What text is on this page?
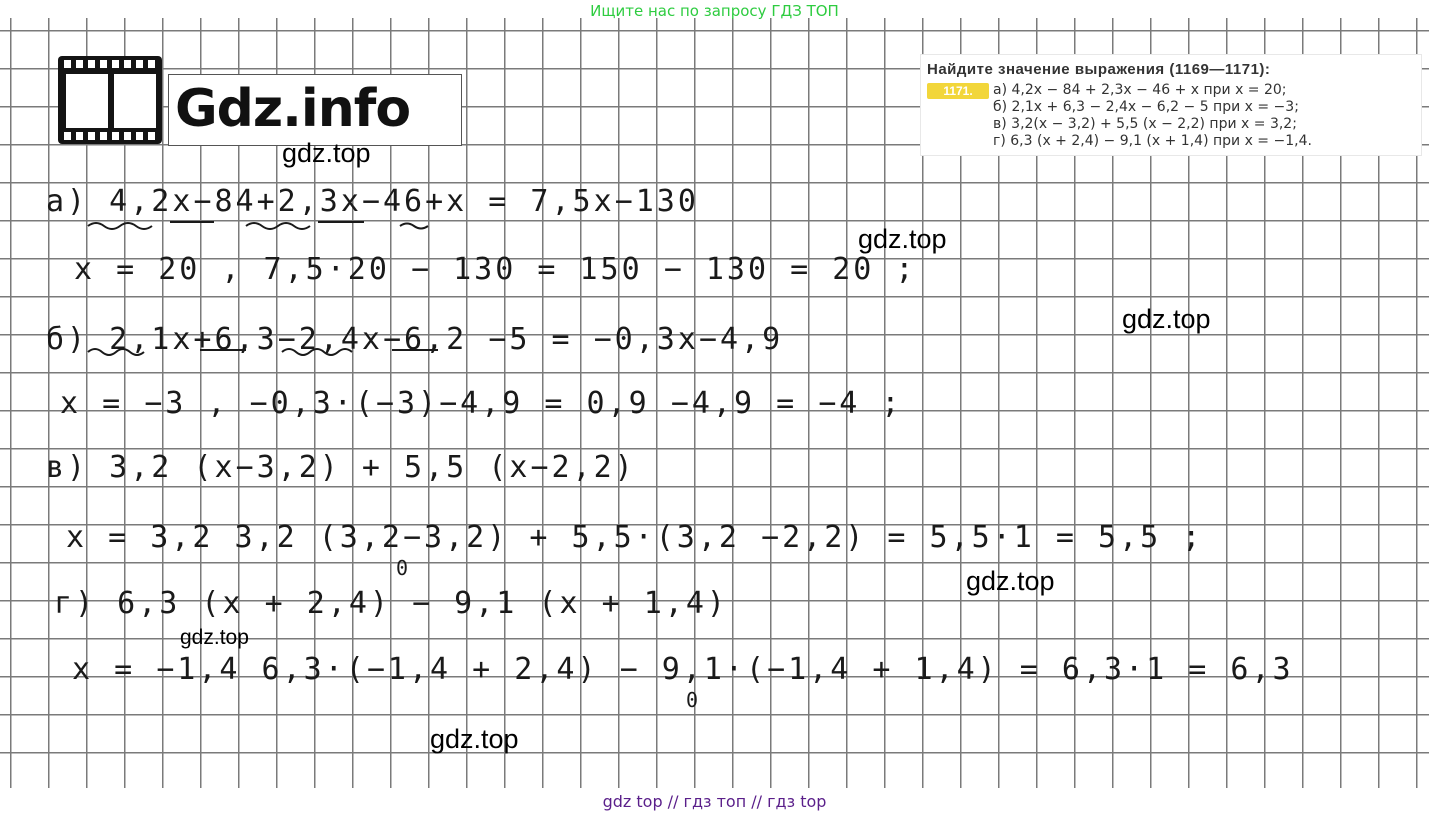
Ищите нас по запросу ГДЗ ТОП
Gdz.info
Найдите значение выражения (1169—1171):
1171.	а) 4,2x − 84 + 2,3x − 46 + x при x = 20;
б) 2,1x + 6,3 − 2,4x − 6,2 − 5 при x = −3;
в) 3,2(x − 3,2) + 5,5 (x − 2,2) при x = 3,2;
г) 6,3 (x + 2,4) − 9,1 (x + 1,4) при x = −1,4.
а) 4,2x−84+2,3x−46+x = 7,5x−130
x = 20 , 7,5·20 − 130 = 150 − 130 = 20 ;
б) 2,1x+6,3−2,4x−6,2 −5 = −0,3x−4,9
x = −3 , −0,3·(−3)−4,9 = 0,9 −4,9 = −4 ;
в) 3,2 (x−3,2) + 5,5 (x−2,2)
x = 3,2 3,2 (3,2−3,2) + 5,5·(3,2 −2,2) = 5,5·1 = 5,5 ;
0
г) 6,3 (x + 2,4) − 9,1 (x + 1,4)
x = −1,4 6,3·(−1,4 + 2,4) − 9,1·(−1,4 + 1,4) = 6,3·1 = 6,3
0
gdz.top
gdz.top
gdz.top
gdz.top
gdz.top
gdz.top
gdz top // гдз топ // гдз top
